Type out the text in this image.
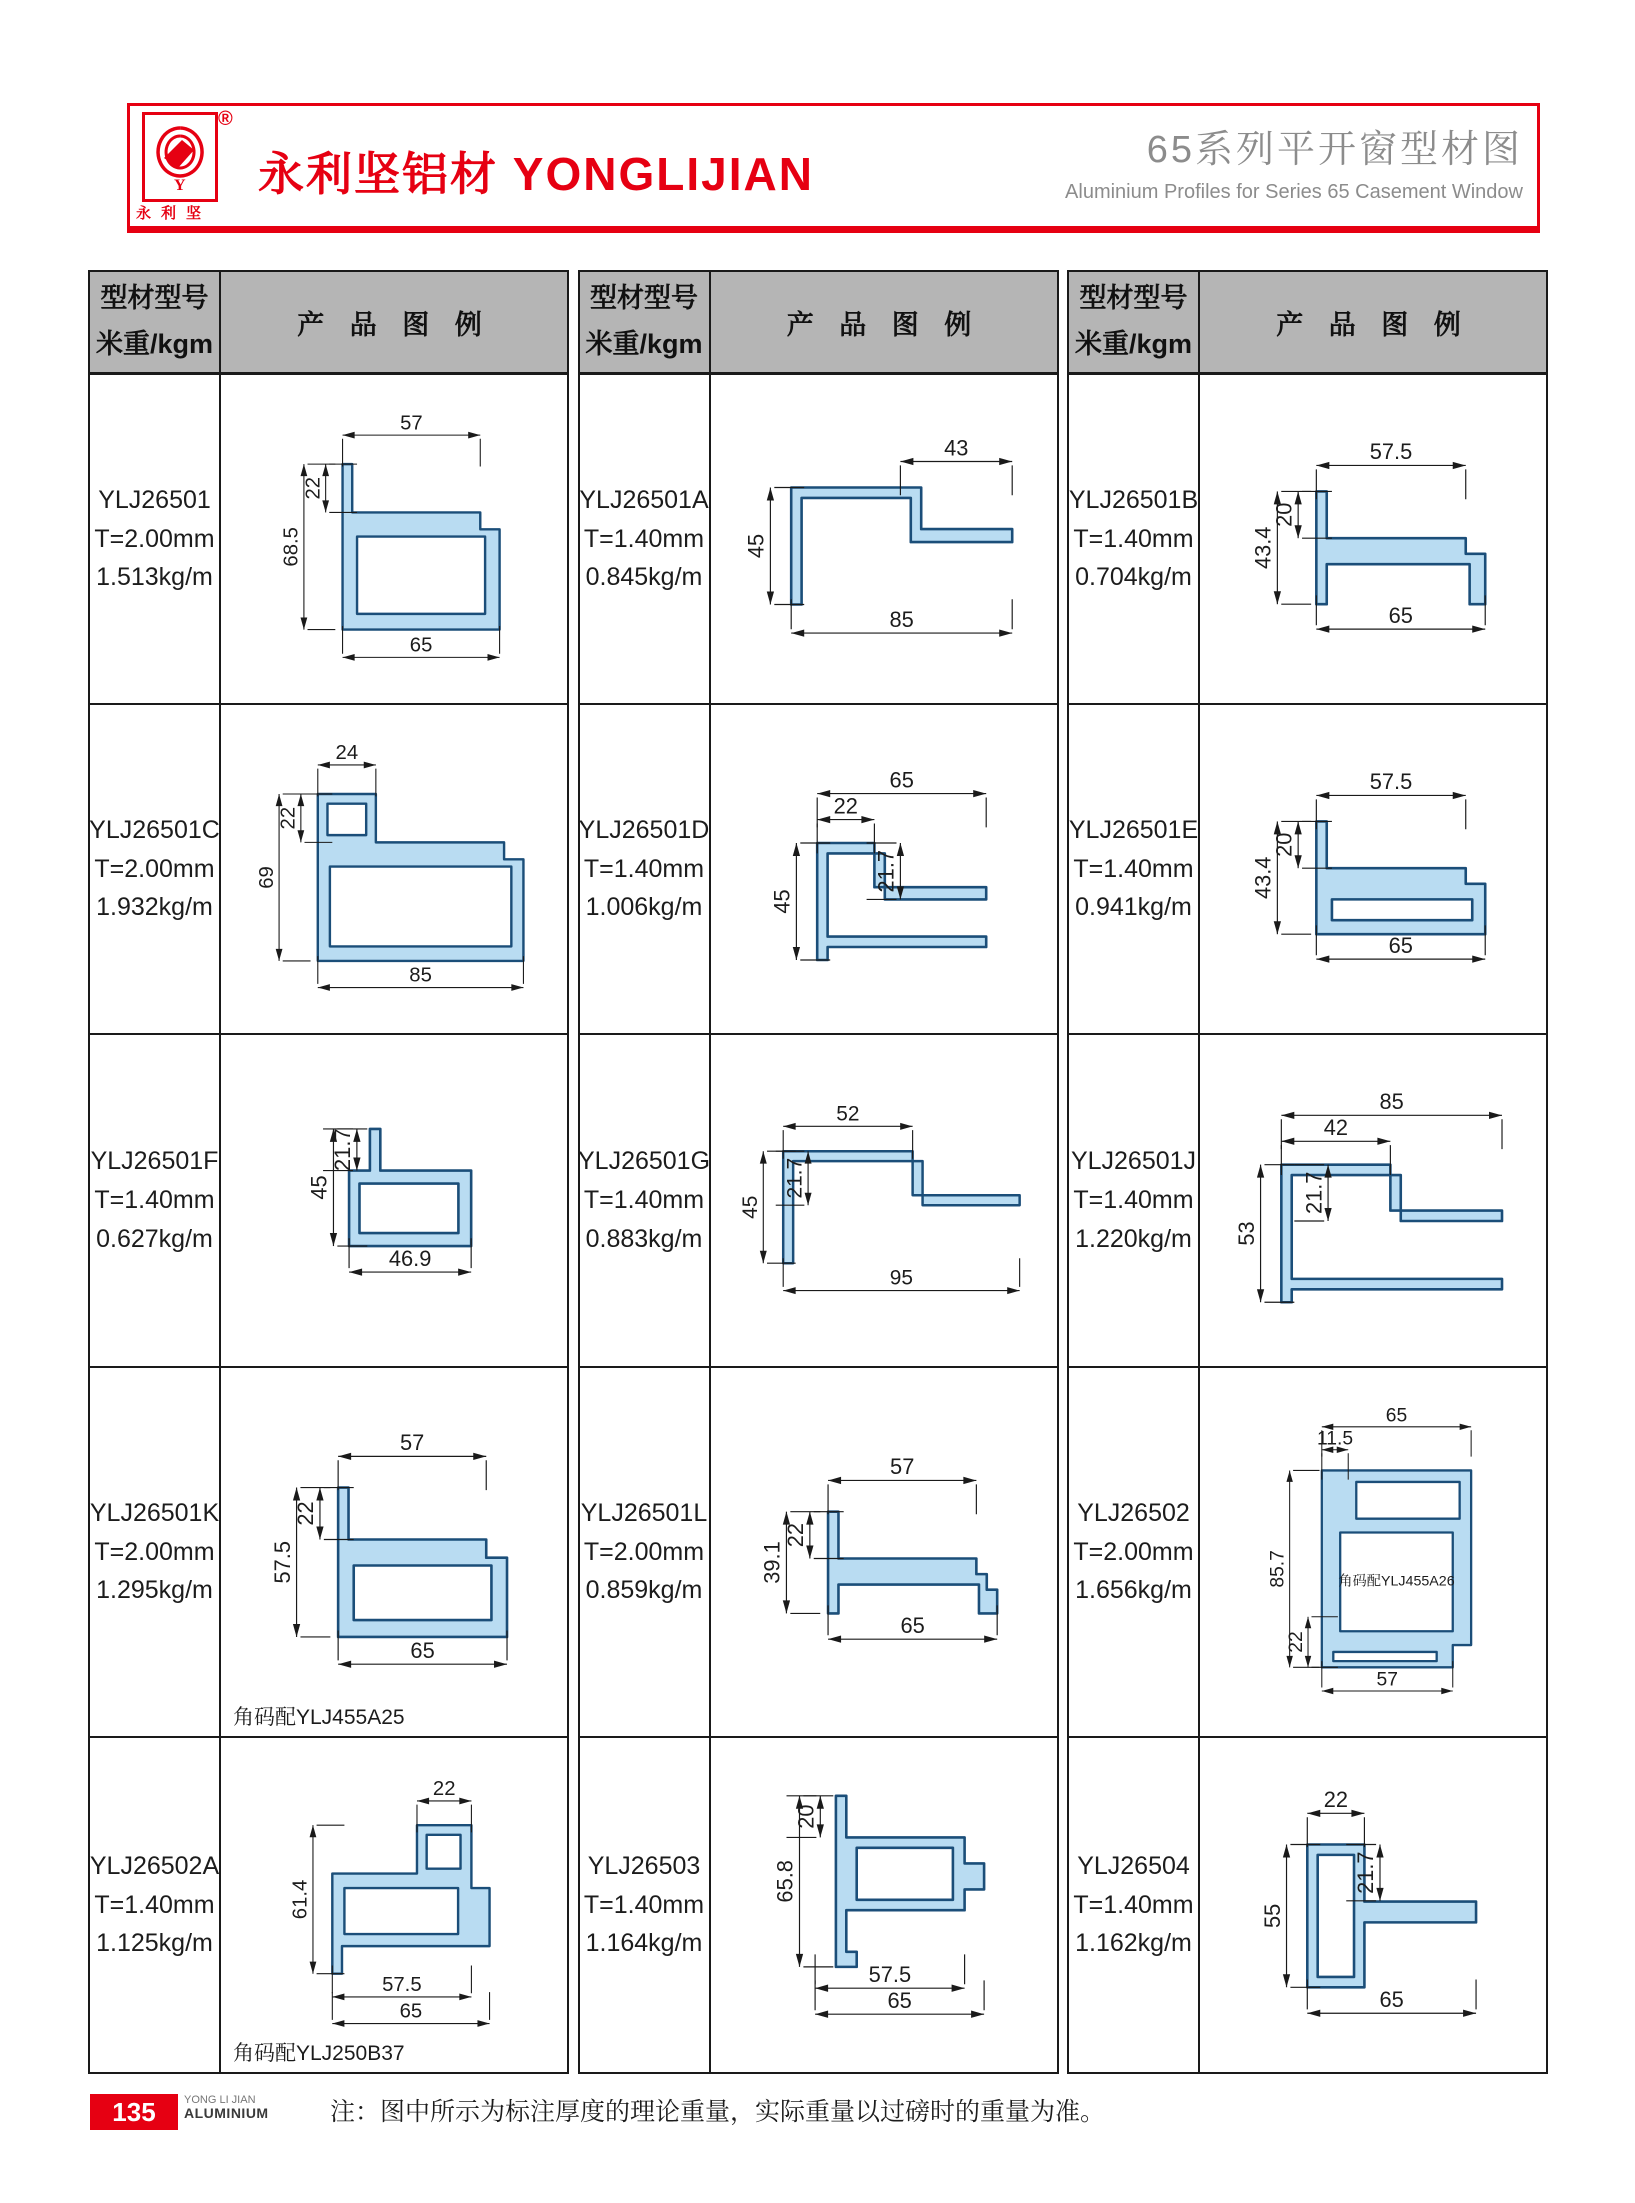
Y
®
永利坚
永利坚铝材 YONGLIJIAN	65系列平开窗型材图
Aluminium Profiles for Series 65 Casement Window
型材型号
米重/kgm
产 品 图 例
YLJ26501
T=2.00mm
1.513kg/m
57
22
68.5
65
YLJ26501C
T=2.00mm
1.932kg/m
24
22
69
85
YLJ26501F
T=1.40mm
0.627kg/m
21.7
45
46.9
YLJ26501K
T=2.00mm
1.295kg/m
57
22
57.5
65
角码配YLJ455A25
YLJ26502A
T=1.40mm
1.125kg/m
22
61.4
57.5
65
角码配YLJ250B37
型材型号
米重/kgm
产 品 图 例
YLJ26501A
T=1.40mm
0.845kg/m
43
45
85
YLJ26501D
T=1.40mm
1.006kg/m
65
22
21.7
45
YLJ26501G
T=1.40mm
0.883kg/m
52
21.7
45
95
YLJ26501L
T=2.00mm
0.859kg/m
57
22
39.1
65
YLJ26503
T=1.40mm
1.164kg/m
20
65.8
57.5
65
型材型号
米重/kgm
产 品 图 例
YLJ26501B
T=1.40mm
0.704kg/m
57.5
20
43.4
65
YLJ26501E
T=1.40mm
0.941kg/m
57.5
20
43.4
65
YLJ26501J
T=1.40mm
1.220kg/m
85
42
21.7
53
YLJ26502
T=2.00mm
1.656kg/m
65
11.5
85.7
22
57
角码配YLJ455A26
YLJ26504
T=1.40mm
1.162kg/m
22
21.7
55
65
135	YONG LI JIAN
ALUMINIUM 注：图中所示为标注厚度的理论重量，实际重量以过磅时的重量为准。
